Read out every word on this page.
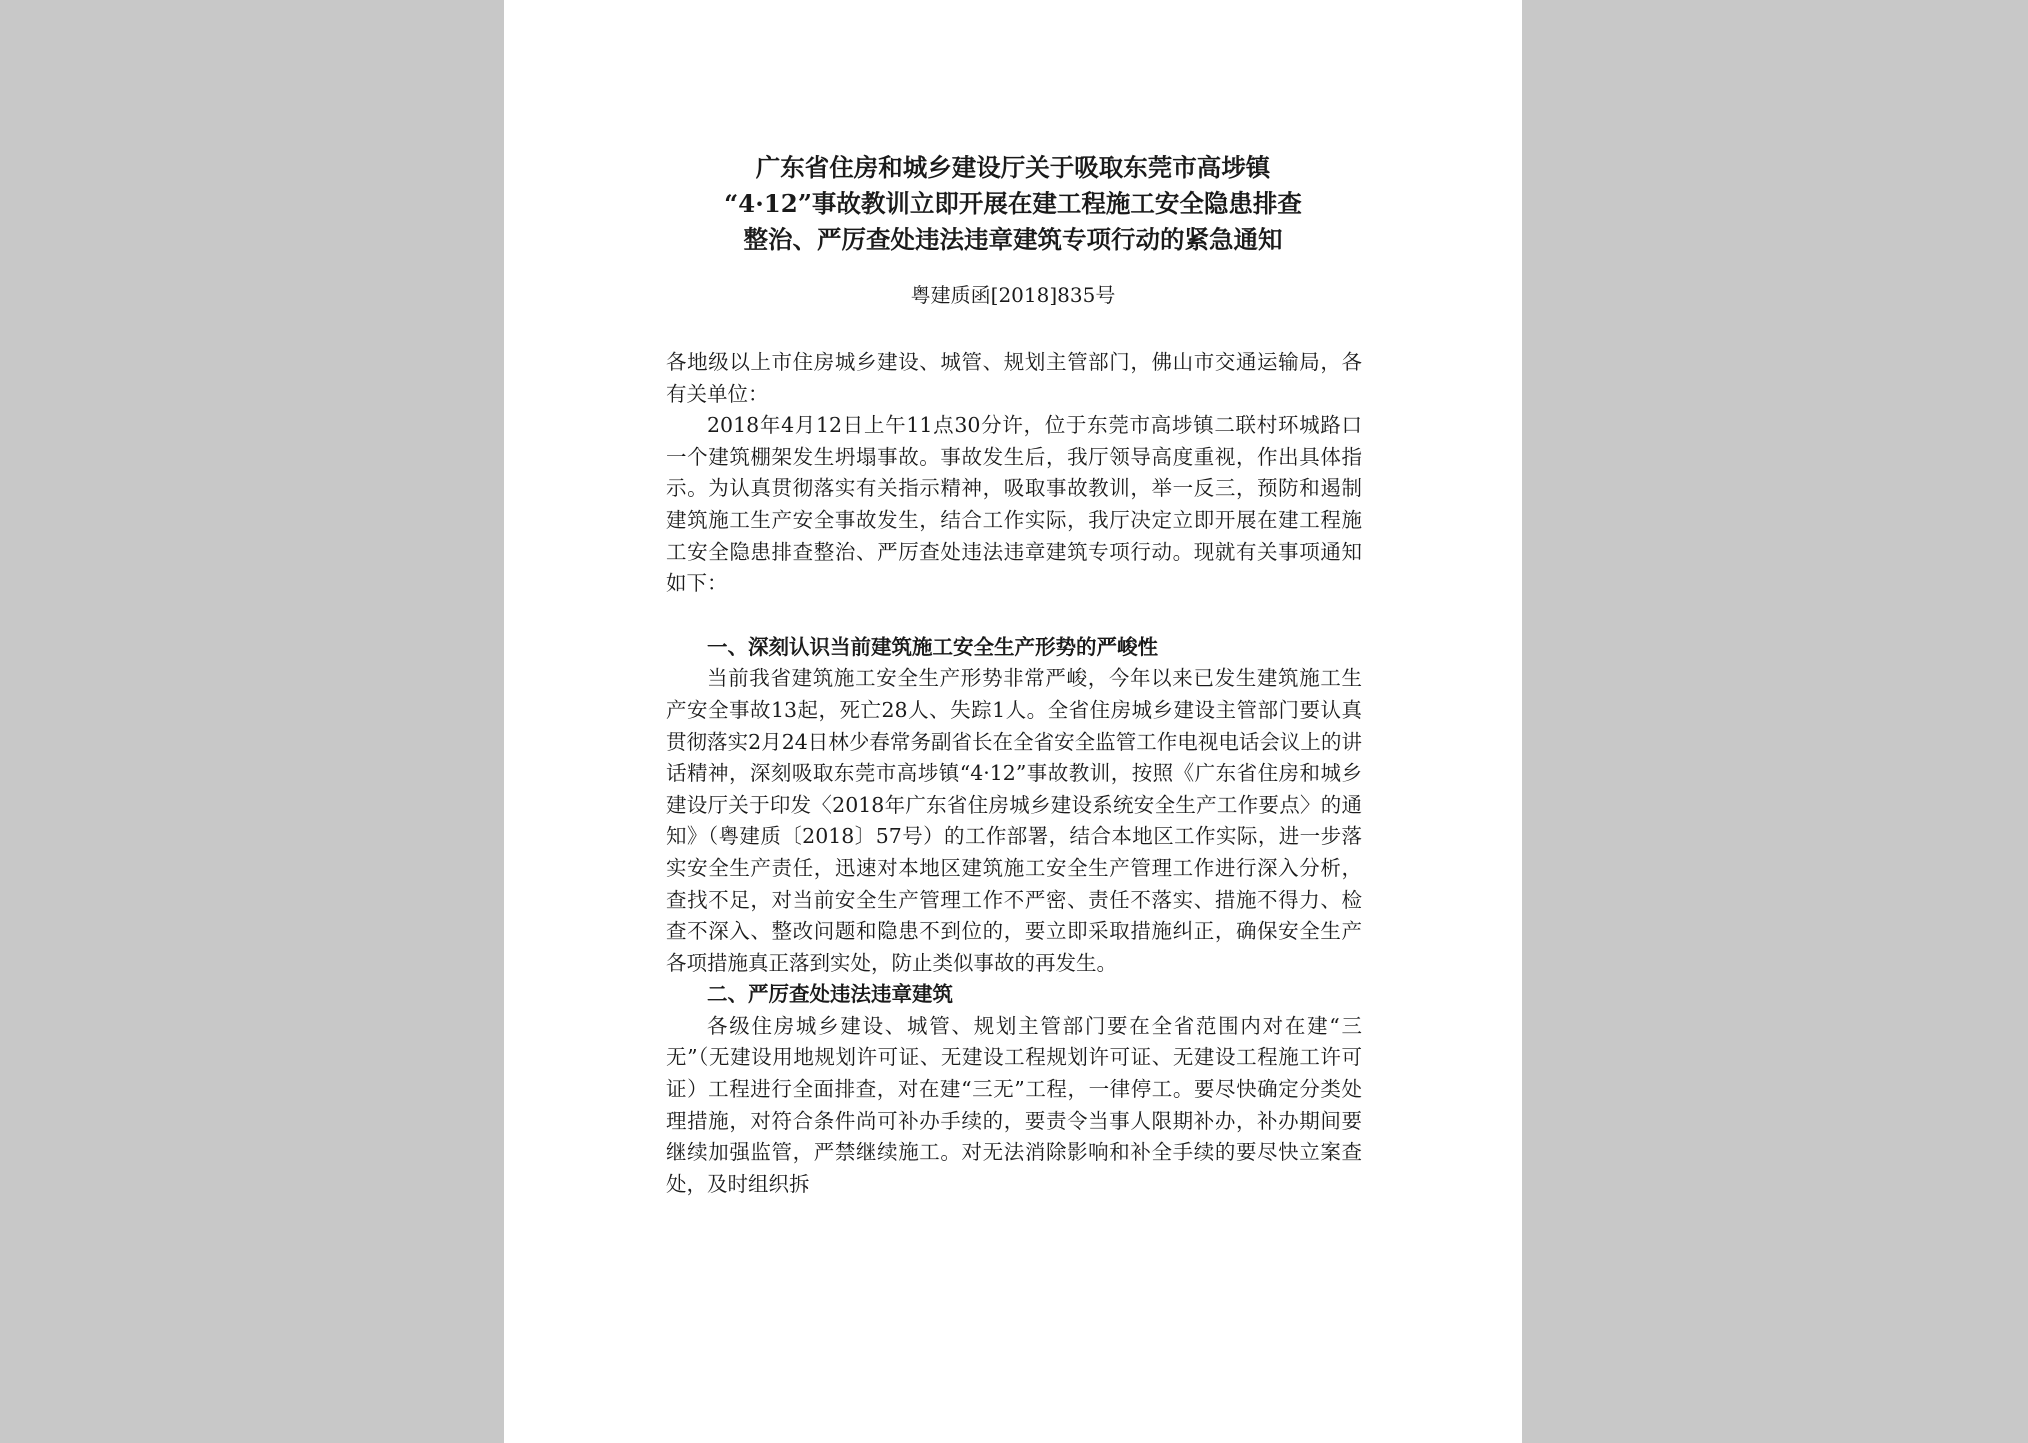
广东省住房和城乡建设厅关于吸取东莞市高埗镇
“4·12”事故教训立即开展在建工程施工安全隐患排查
整治、严厉查处违法违章建筑专项行动的紧急通知
粤建质函[2018]835号

各地级以上市住房城乡建设、城管、规划主管部门，佛山市交通运输局，各有关单位：

2018年4月12日上午11点30分许，位于东莞市高埗镇二联村环城路口一个建筑棚架发生坍塌事故。事故发生后，我厅领导高度重视，作出具体指示。为认真贯彻落实有关指示精神，吸取事故教训，举一反三，预防和遏制建筑施工生产安全事故发生，结合工作实际，我厅决定立即开展在建工程施工安全隐患排查整治、严厉查处违法违章建筑专项行动。现就有关事项通知如下：

一、深刻认识当前建筑施工安全生产形势的严峻性

当前我省建筑施工安全生产形势非常严峻，今年以来已发生建筑施工生产安全事故13起，死亡28人、失踪1人。全省住房城乡建设主管部门要认真贯彻落实2月24日林少春常务副省长在全省安全监管工作电视电话会议上的讲话精神，深刻吸取东莞市高埗镇“4·12”事故教训，按照《广东省住房和城乡建设厅关于印发〈2018年广东省住房城乡建设系统安全生产工作要点〉的通知》（粤建质〔2018〕57号）的工作部署，结合本地区工作实际，进一步落实安全生产责任，迅速对本地区建筑施工安全生产管理工作进行深入分析，查找不足，对当前安全生产管理工作不严密、责任不落实、措施不得力、检查不深入、整改问题和隐患不到位的，要立即采取措施纠正，确保安全生产各项措施真正落到实处，防止类似事故的再发生。

二、严厉查处违法违章建筑

各级住房城乡建设、城管、规划主管部门要在全省范围内对在建“三无”（无建设用地规划许可证、无建设工程规划许可证、无建设工程施工许可证）工程进行全面排查，对在建“三无”工程，一律停工。要尽快确定分类处理措施，对符合条件尚可补办手续的，要责令当事人限期补办，补办期间要继续加强监管，严禁继续施工。对无法消除影响和补全手续的要尽快立案查处，及时组织拆
